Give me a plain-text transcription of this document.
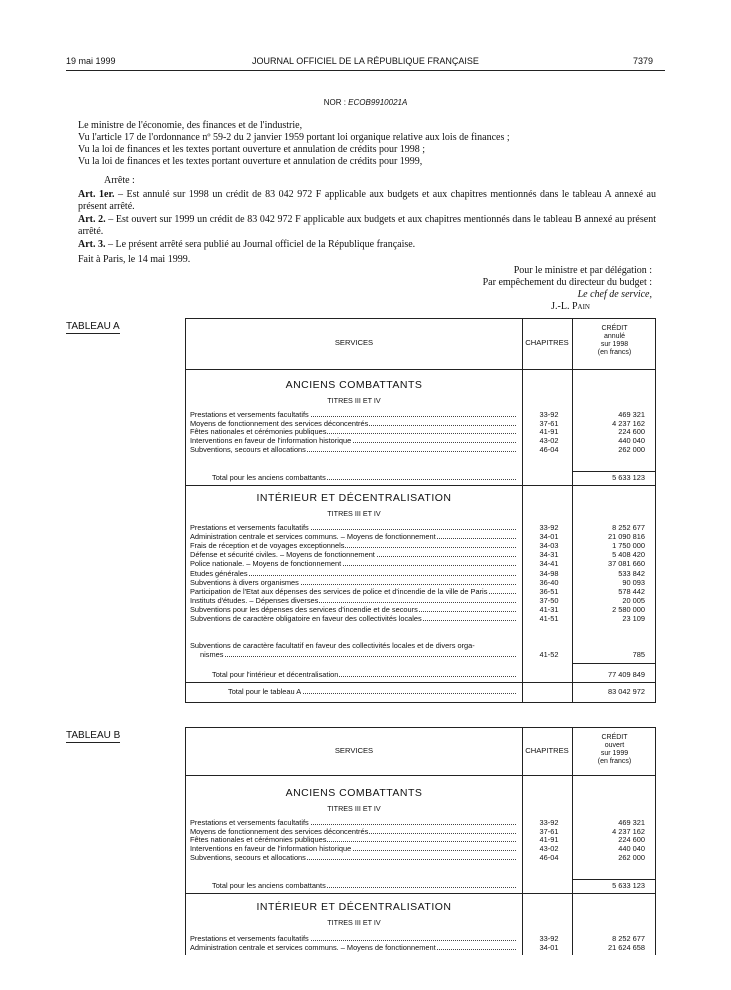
19 mai 1999	JOURNAL OFFICIEL DE LA RÉPUBLIQUE FRANÇAISE	7379
NOR : ECOB9910021A
Le ministre de l'économie, des finances et de l'industrie,
Vu l'article 17 de l'ordonnance nº 59-2 du 2 janvier 1959 portant loi organique relative aux lois de finances ;
Vu la loi de finances et les textes portant ouverture et annulation de crédits pour 1998 ;
Vu la loi de finances et les textes portant ouverture et annulation de crédits pour 1999,
Arrête :
Art. 1er. – Est annulé sur 1998 un crédit de 83 042 972 F applicable aux budgets et aux chapitres mentionnés dans le tableau A annexé au présent arrêté.
Art. 2. – Est ouvert sur 1999 un crédit de 83 042 972 F applicable aux budgets et aux chapitres mentionnés dans le tableau B annexé au présent arrêté.
Art. 3. – Le présent arrêté sera publié au Journal officiel de la République française.
Fait à Paris, le 14 mai 1999.
Pour le ministre et par délégation :
Par empêchement du directeur du budget :
Le chef de service,
J.-L. Pain
TABLEAU A
SERVICES	CHAPITRES
CRÉDIT
annulé
sur 1998
(en francs)
ANCIENS COMBATTANTS
TITRES III ET IV
Prestations et versements facultatifs	33-92	469 321
Moyens de fonctionnement des services déconcentrés	37-61	4 237 162
Fêtes nationales et cérémonies publiques	41-91	224 600
Interventions en faveur de l'information historique	43-02	440 040
Subventions, secours et allocations	46-04	262 000
Total pour les anciens combattants	5 633 123
INTÉRIEUR ET DÉCENTRALISATION
TITRES III ET IV
Prestations et versements facultatifs	33-92	8 252 677
Administration centrale et services communs. – Moyens de fonctionnement	34-01	21 090 816
Frais de réception et de voyages exceptionnels	34-03	1 750 000
Défense et sécurité civiles. – Moyens de fonctionnement	34-31	5 408 420
Police nationale. – Moyens de fonctionnement	34-41	37 081 660
Etudes générales	34-98	533 842
Subventions à divers organismes	36-40	90 093
Participation de l'Etat aux dépenses des services de police et d'incendie de la ville de Paris	36-51	578 442
Instituts d'études. – Dépenses diverses	37-50	20 005
Subventions pour les dépenses des services d'incendie et de secours	41-31	2 580 000
Subventions de caractère obligatoire en faveur des collectivités locales	41-51	23 109
Subventions de caractère facultatif en faveur des collectivités locales et de divers orga-
nismes	41-52	785
Total pour l'intérieur et décentralisation	77 409 849
Total pour le tableau A	83 042 972
TABLEAU B
SERVICES	CHAPITRES
CRÉDIT
ouvert
sur 1999
(en francs)
ANCIENS COMBATTANTS
TITRES III ET IV
Prestations et versements facultatifs	33-92	469 321
Moyens de fonctionnement des services déconcentrés	37-61	4 237 162
Fêtes nationales et cérémonies publiques	41-91	224 600
Interventions en faveur de l'information historique	43-02	440 040
Subventions, secours et allocations	46-04	262 000
Total pour les anciens combattants	5 633 123
INTÉRIEUR ET DÉCENTRALISATION
TITRES III ET IV
Prestations et versements facultatifs	33-92	8 252 677
Administration centrale et services communs. – Moyens de fonctionnement	34-01	21 624 658
